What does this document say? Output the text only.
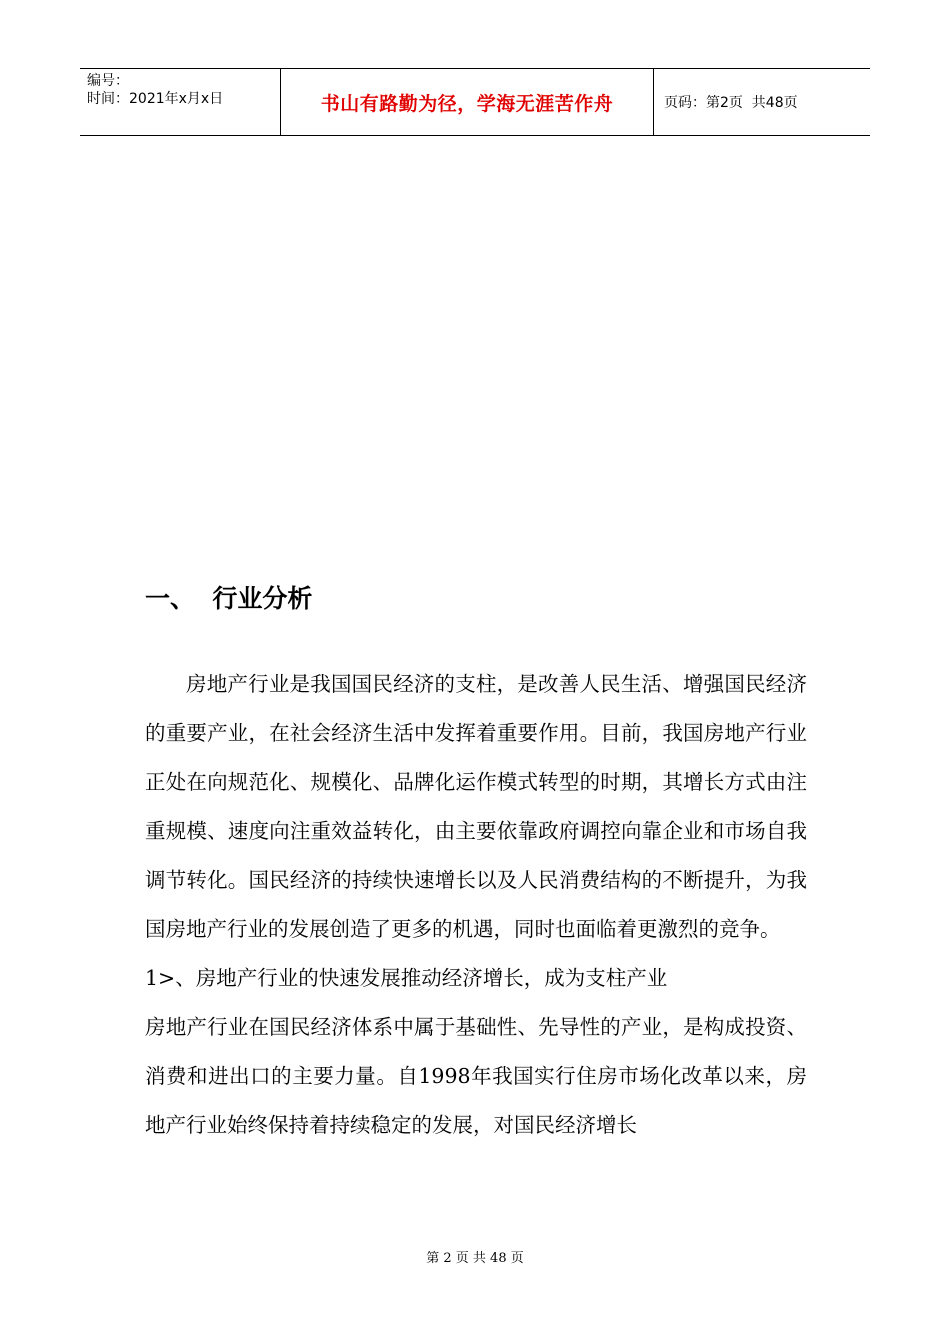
编号：
时间：2021年x月x日	书山有路勤为径，学海无涯苦作舟	页码：第2页  共48页
一、  行业分析

房地产行业是我国国民经济的支柱，是改善人民生活、增强国民经济的重要产业，在社会经济生活中发挥着重要作用。目前，我国房地产行业正处在向规范化、规模化、品牌化运作模式转型的时期，其增长方式由注重规模、速度向注重效益转化，由主要依靠政府调控向靠企业和市场自我调节转化。国民经济的持续快速增长以及人民消费结构的不断提升，为我国房地产行业的发展创造了更多的机遇，同时也面临着更激烈的竞争。

1>、房地产行业的快速发展推动经济增长，成为支柱产业

房地产行业在国民经济体系中属于基础性、先导性的产业，是构成投资、消费和进出口的主要力量。自1998年我国实行住房市场化改革以来，房地产行业始终保持着持续稳定的发展，对国民经济增长

第 2 页 共 48 页
